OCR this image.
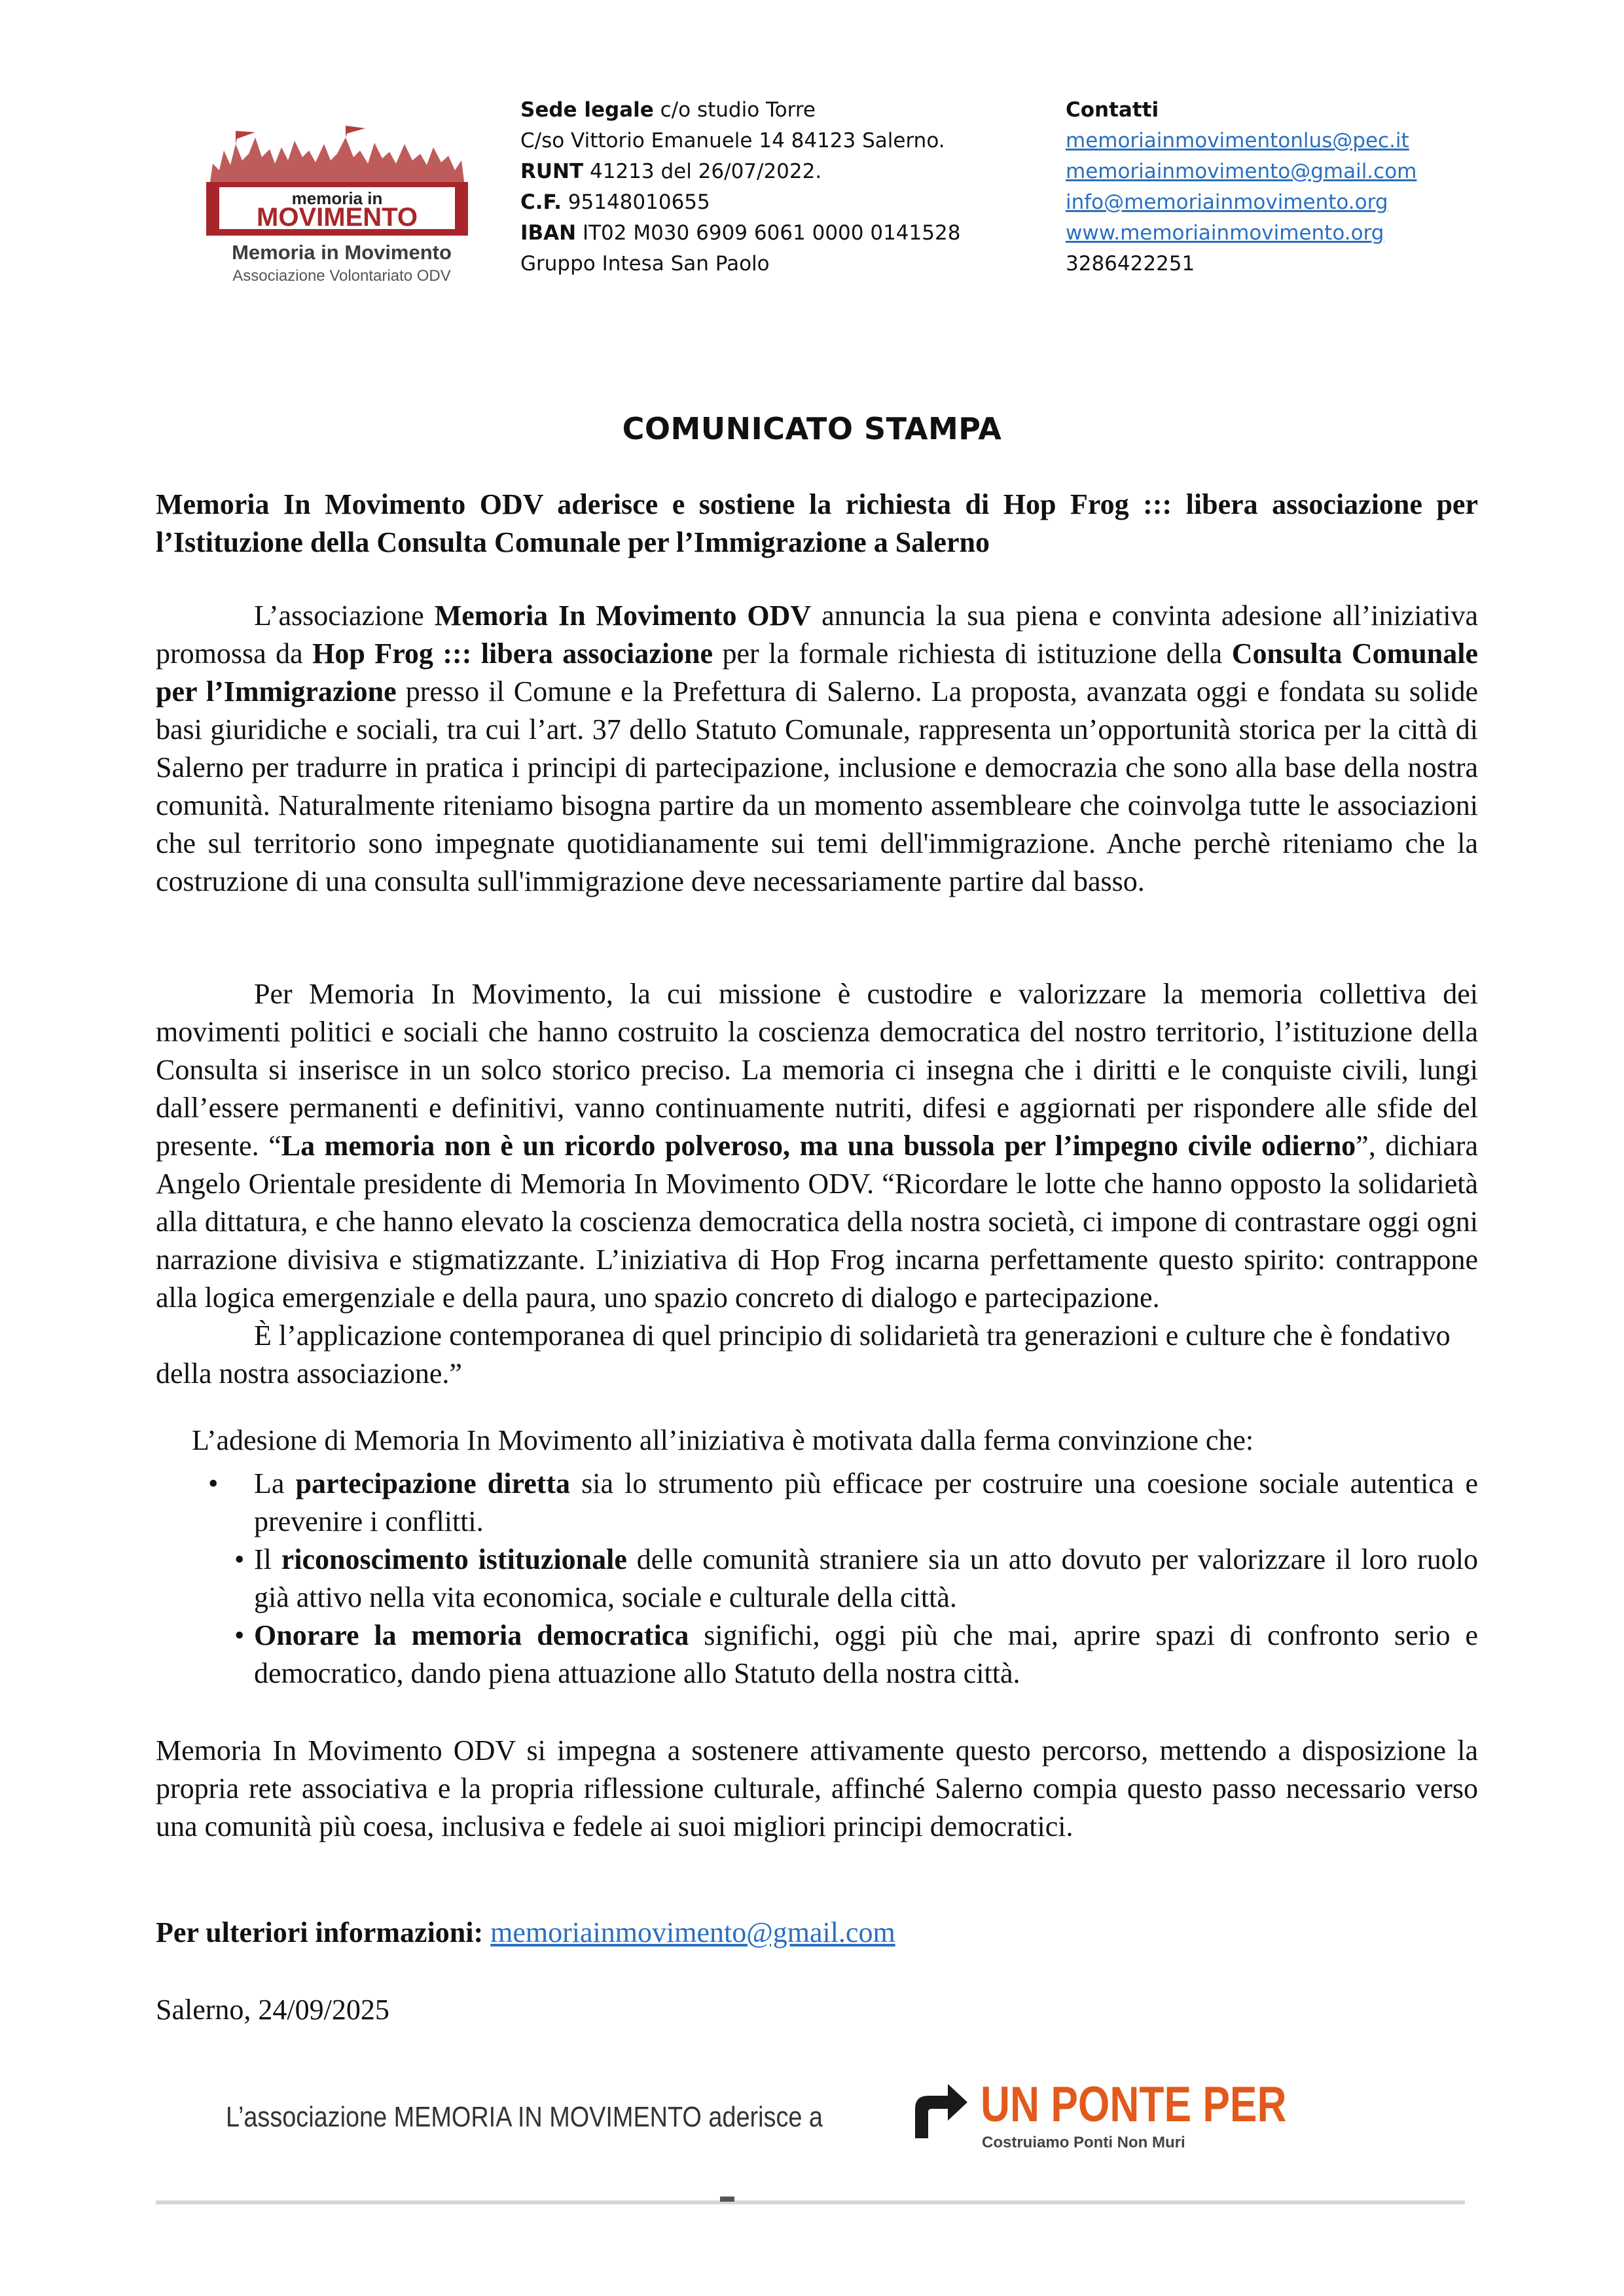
memoria in
MOVIMENTO
Memoria in Movimento
Associazione Volontariato ODV
Sede legale c/o studio Torre
C/so Vittorio Emanuele 14 84123 Salerno.
RUNT 41213 del 26/07/2022.
C.F. 95148010655
IBAN IT02 M030 6909 6061 0000 0141528
Gruppo Intesa San Paolo
Contatti
memoriainmovimentonlus@pec.it
memoriainmovimento@gmail.com
info@memoriainmovimento.org
www.memoriainmovimento.org
3286422251
COMUNICATO STAMPA
Memoria In Movimento ODV aderisce e sostiene la richiesta di Hop Frog ::: libera associazione per l’Istituzione della Consulta Comunale per l’Immigrazione a Salerno

L’associazione Memoria In Movimento ODV annuncia la sua piena e convinta adesione all’iniziativa promossa da Hop Frog ::: libera associazione per la formale richiesta di istituzione della Consulta Comunale per l’Immigrazione presso il Comune e la Prefettura di Salerno. La proposta, avanzata oggi e fondata su solide basi giuridiche e sociali, tra cui l’art. 37 dello Statuto Comunale, rappresenta un’opportunità storica per la città di Salerno per tradurre in pratica i principi di partecipazione, inclusione e democrazia che sono alla base della nostra comunità. Naturalmente riteniamo bisogna partire da un momento assembleare che coinvolga tutte le associazioni che sul territorio sono impegnate quotidianamente sui temi dell'immigrazione. Anche perchè riteniamo che la costruzione di una consulta sull'immigrazione deve necessariamente partire dal basso.

Per Memoria In Movimento, la cui missione è custodire e valorizzare la memoria collettiva dei movimenti politici e sociali che hanno costruito la coscienza democratica del nostro territorio, l’istituzione della Consulta si inserisce in un solco storico preciso. La memoria ci insegna che i diritti e le conquiste civili, lungi dall’essere permanenti e definitivi, vanno continuamente nutriti, difesi e aggiornati per rispondere alle sfide del presente. “La memoria non è un ricordo polveroso, ma una bussola per l’impegno civile odierno”, dichiara Angelo Orientale presidente di Memoria In Movimento ODV. “Ricordare le lotte che hanno opposto la solidarietà alla dittatura, e che hanno elevato la coscienza democratica della nostra società, ci impone di contrastare oggi ogni narrazione divisiva e stigmatizzante. L’iniziativa di Hop Frog incarna perfettamente questo spirito: contrappone alla logica emergenziale e della paura, uno spazio concreto di dialogo e partecipazione.

È l’applicazione contemporanea di quel principio di solidarietà tra generazioni e culture che è fondativo della nostra associazione.”

L’adesione di Memoria In Movimento all’iniziativa è motivata dalla ferma convinzione che:
•	La partecipazione diretta sia lo strumento più efficace per costruire una coesione sociale autentica e prevenire i conflitti.
• Il riconoscimento istituzionale delle comunità straniere sia un atto dovuto per valorizzare il loro ruolo già attivo nella vita economica, sociale e culturale della città.
• Onorare la memoria democratica significhi, oggi più che mai, aprire spazi di confronto serio e democratico, dando piena attuazione allo Statuto della nostra città.
Memoria In Movimento ODV si impegna a sostenere attivamente questo percorso, mettendo a disposizione la propria rete associativa e la propria riflessione culturale, affinché Salerno compia questo passo necessario verso una comunità più coesa, inclusiva e fedele ai suoi migliori principi democratici.
Per ulteriori informazioni: memoriainmovimento@gmail.com
Salerno, 24/09/2025
L’associazione MEMORIA IN MOVIMENTO aderisce a	UN PONTE PER
Costruiamo Ponti Non Muri
